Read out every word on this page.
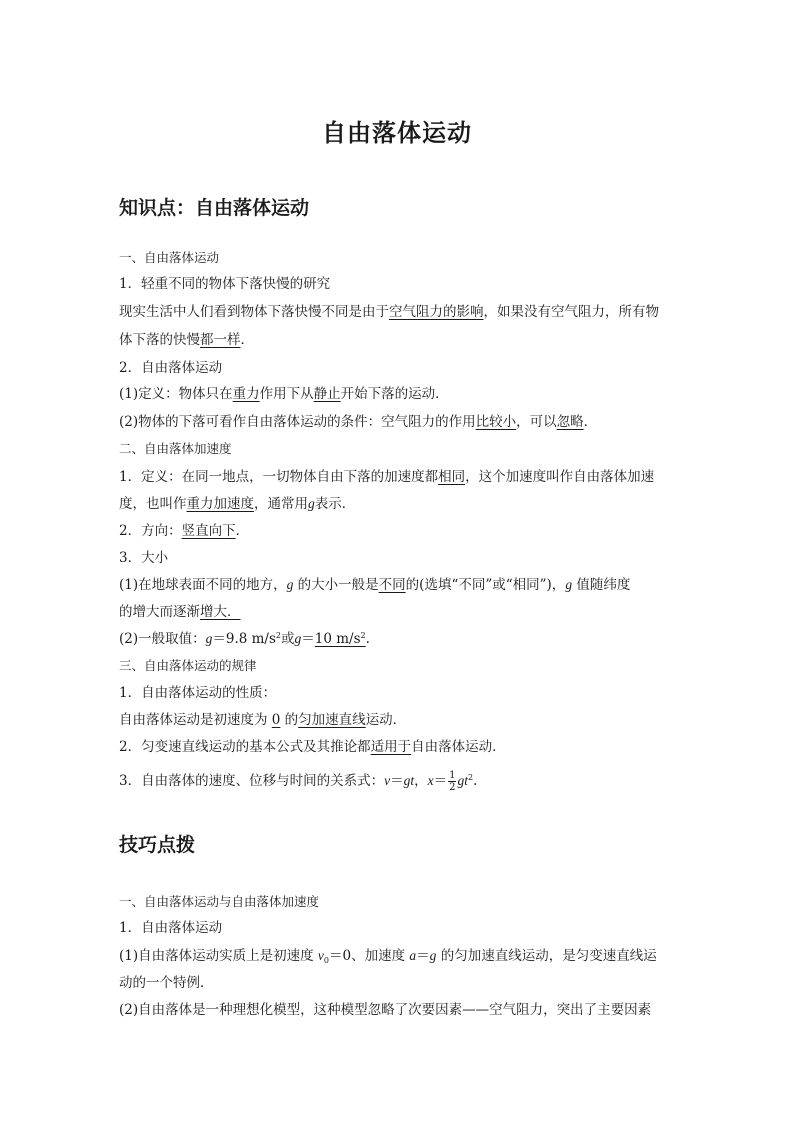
自由落体运动
知识点：自由落体运动
一、自由落体运动
1．轻重不同的物体下落快慢的研究
现实生活中人们看到物体下落快慢不同是由于空气阻力的影响，如果没有空气阻力，所有物
体下落的快慢都一样．
2．自由落体运动
(1)定义：物体只在重力作用下从静止开始下落的运动．
(2)物体的下落可看作自由落体运动的条件：空气阻力的作用比较小，可以忽略．
二、自由落体加速度
1．定义：在同一地点，一切物体自由下落的加速度都相同，这个加速度叫作自由落体加速
度，也叫作重力加速度，通常用g表示．
2．方向：竖直向下．
3．大小
(1)在地球表面不同的地方，g 的大小一般是不同的(选填“不同”或“相同”)，g 值随纬度
的增大而逐渐增大．
(2)一般取值：g＝9.8 $m/s^2$或g＝10 $m/s^2$.
三、自由落体运动的规律
1．自由落体运动的性质：
自由落体运动是初速度为 0 的匀加速直线运动．
2．匀变速直线运动的基本公式及其推论都适用于自由落体运动．
3．自由落体的速度、位移与时间的关系式：v＝gt，$x= \frac{1}{2} gt^2$.
技巧点拨
一、自由落体运动与自由落体加速度
1．自由落体运动
(1)自由落体运动实质上是初速度 $v_0=0$、加速度 a＝g 的匀加速直线运动，是匀变速直线运
动的一个特例．
(2)自由落体是一种理想化模型，这种模型忽略了次要因素——空气阻力，突出了主要因素
